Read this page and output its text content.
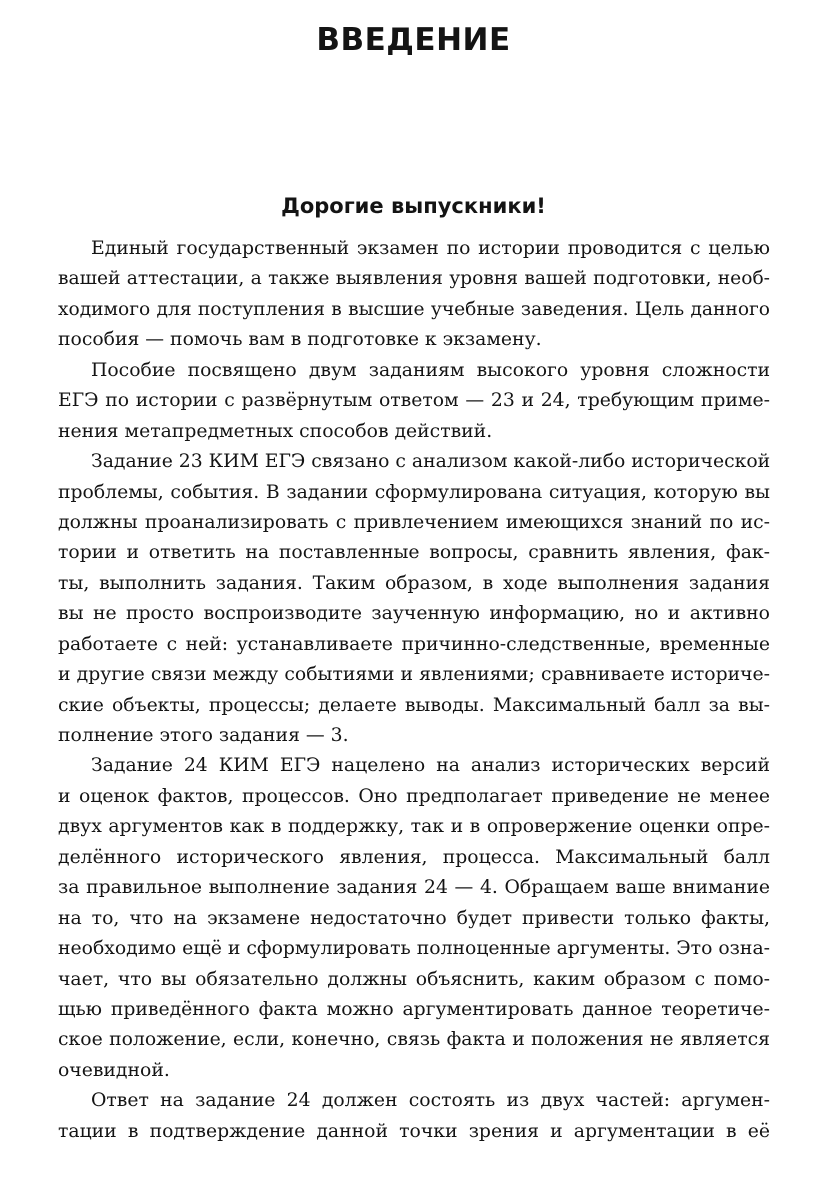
ВВЕДЕНИЕ
Дорогие выпускники!
Единый государственный экзамен по истории проводится с целью
вашей аттестации, а также выявления уровня вашей подготовки, необ-
ходимого для поступления в высшие учебные заведения. Цель данного
пособия — помочь вам в подготовке к экзамену.
Пособие посвящено двум заданиям высокого уровня сложности
ЕГЭ по истории с развёрнутым ответом — 23 и 24, требующим приме-
нения метапредметных способов действий.
Задание 23 КИМ ЕГЭ связано с анализом какой-либо исторической
проблемы, события. В задании сформулирована ситуация, которую вы
должны проанализировать с привлечением имеющихся знаний по ис-
тории и ответить на поставленные вопросы, сравнить явления, фак-
ты, выполнить задания. Таким образом, в ходе выполнения задания
вы не просто воспроизводите заученную информацию, но и активно
работаете с ней: устанавливаете причинно-следственные, временные
и другие связи между событиями и явлениями; сравниваете историче-
ские объекты, процессы; делаете выводы. Максимальный балл за вы-
полнение этого задания — 3.
Задание 24 КИМ ЕГЭ нацелено на анализ исторических версий
и оценок фактов, процессов. Оно предполагает приведение не менее
двух аргументов как в поддержку, так и в опровержение оценки опре-
делённого исторического явления, процесса. Максимальный балл
за правильное выполнение задания 24 — 4. Обращаем ваше внимание
на то, что на экзамене недостаточно будет привести только факты,
необходимо ещё и сформулировать полноценные аргументы. Это озна-
чает, что вы обязательно должны объяснить, каким образом с помо-
щью приведённого факта можно аргументировать данное теоретиче-
ское положение, если, конечно, связь факта и положения не является
очевидной.
Ответ на задание 24 должен состоять из двух частей: аргумен-
тации в подтверждение данной точки зрения и аргументации в её
